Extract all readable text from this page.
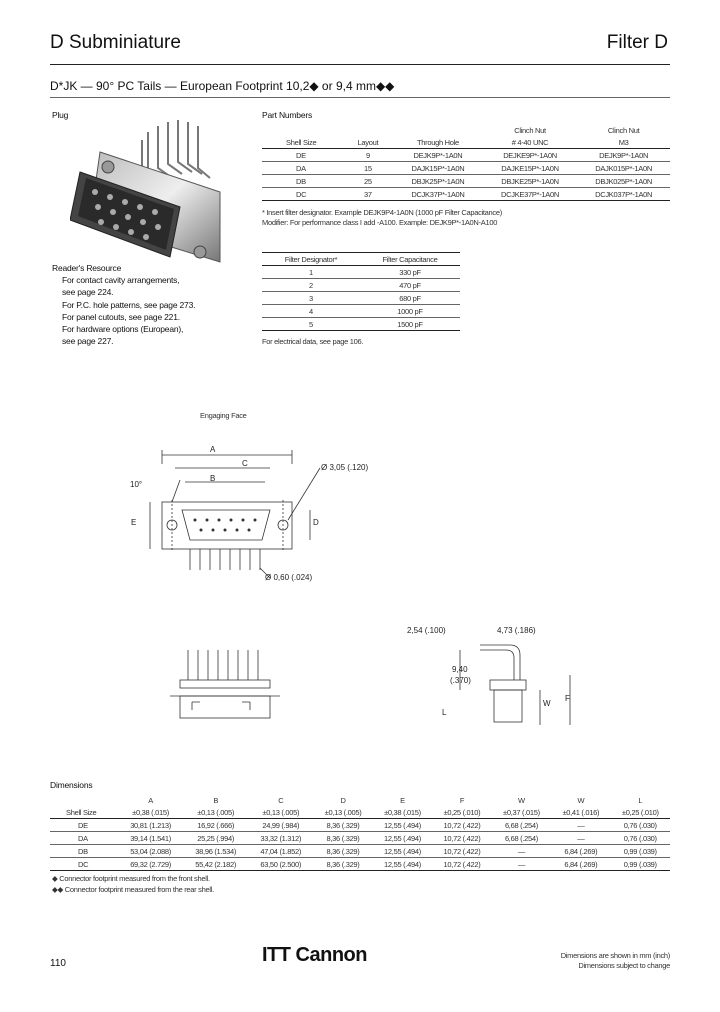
D Subminiature	Filter D
D*JK — 90° PC Tails — European Footprint 10,2◆ or 9,4 mm◆◆
Plug
Reader's Resource
For contact cavity arrangements,
see page 224.
For P.C. hole patterns, see page 273.
For panel cutouts, see page 221.
For hardware options (European),
see page 227.
Part Numbers
			Clinch Nut	Clinch Nut
Shell Size	Layout	Through Hole	# 4-40 UNC	M3
DE	9	DEJK9P*-1A0N	DEJKE9P*-1A0N	DEJK9P*-1A0N
DA	15	DAJK15P*-1A0N	DAJKE15P*-1A0N	DAJK015P*-1A0N
DB	25	DBJK25P*-1A0N	DBJKE25P*-1A0N	DBJK025P*-1A0N
DC	37	DCJK37P*-1A0N	DCJKE37P*-1A0N	DCJK037P*-1A0N
* Insert filter designator. Example DEJK9P4-1A0N (1000 pF Filter Capacitance)
Modifier: For performance class I add -A100. Example: DEJK9P*-1A0N-A100
Filter Designator*	Filter Capacitance
1	330 pF
2	470 pF
3	680 pF
4	1000 pF
5	1500 pF
For electrical data, see page 106.
Engaging Face
A
C
B
E	D
10°
Ø 3,05 (.120)
Ø 0,60 (.024)
2,54 (.100)	4,73 (.186)
9,40
(.370)
F
W
L
Dimensions
	A	B	C	D	E	F	W	W	L
Shell Size	±0,38 (.015)	±0,13 (.005)	±0,13 (.005)	±0,13 (.005)	±0,38 (.015)	±0,25 (.010)	±0,37 (.015)	±0,41 (.016)	±0,25 (.010)
DE	30,81 (1.213)	16,92 (.666)	24,99 (.984)	8,36 (.329)	12,55 (.494)	10,72 (.422)	6,68 (.254)	—	0,76 (.030)
DA	39,14 (1.541)	25,25 (.994)	33,32 (1.312)	8,36 (.329)	12,55 (.494)	10,72 (.422)	6,68 (.254)	—	0,76 (.030)
DB	53,04 (2.088)	38,96 (1.534)	47,04 (1.852)	8,36 (.329)	12,55 (.494)	10,72 (.422)	—	6,84 (.269)	0,99 (.039)
DC	69,32 (2.729)	55,42 (2.182)	63,50 (2.500)	8,36 (.329)	12,55 (.494)	10,72 (.422)	—	6,84 (.269)	0,99 (.039)
◆ Connector footprint measured from the front shell.
◆◆ Connector footprint measured from the rear shell.
110	ITT Cannon	Dimensions are shown in mm (inch)
Dimensions subject to change
